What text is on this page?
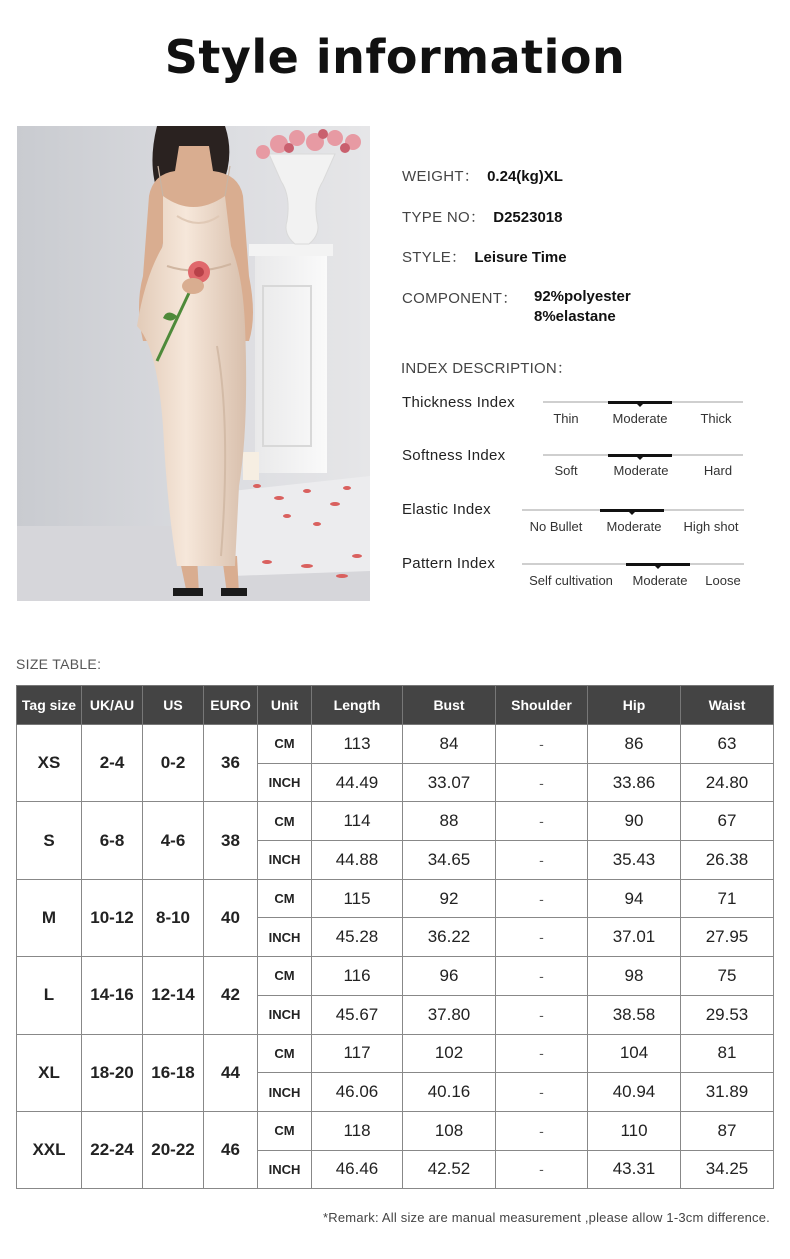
Style information
WEIGHT： 0.24(kg)XL
TYPE NO： D2523018
STYLE： Leisure Time
COMPONENT： 92%polyester
8%elastane
INDEX DESCRIPTION：
Thickness Index
Thin	Moderate	Thick
Softness Index
Soft	Moderate	Hard
Elastic Index
No Bullet Moderate High shot
Pattern Index
Self cultivation Moderate Loose
SIZE TABLE:
Tag size	UK/AU	US	EURO	Unit	Length	Bust	Shoulder	Hip	Waist
XS	2-4	0-2	36	CM	113	84	-	86	63
				INCH	44.49	33.07	-	33.86	24.80
S	6-8	4-6	38	CM	114	88	-	90	67
				INCH	44.88	34.65	-	35.43	26.38
M	10-12	8-10	40	CM	115	92	-	94	71
				INCH	45.28	36.22	-	37.01	27.95
L	14-16	12-14	42	CM	116	96	-	98	75
				INCH	45.67	37.80	-	38.58	29.53
XL	18-20	16-18	44	CM	117	102	-	104	81
				INCH	46.06	40.16	-	40.94	31.89
XXL	22-24	20-22	46	CM	118	108	-	110	87
				INCH	46.46	42.52	-	43.31	34.25
*Remark: All size are manual measurement ,please allow 1-3cm difference.
